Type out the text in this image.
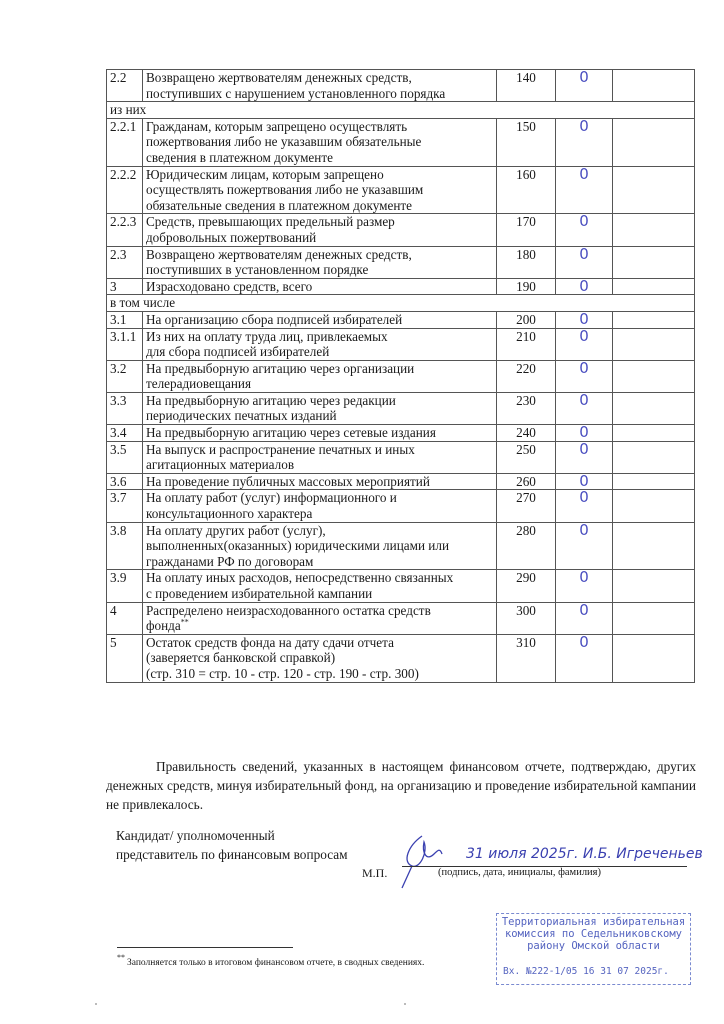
2.2	Возвращено жертвователям денежных средств,
поступивших с нарушением установленного порядка	140	0	
из них				
2.2.1	Гражданам, которым запрещено осуществлять
пожертвования либо не указавшим обязательные
сведения в платежном документе	150	0	
2.2.2	Юридическим лицам, которым запрещено
осуществлять пожертвования либо не указавшим
обязательные сведения в платежном документе	160	0	
2.2.3	Средств, превышающих предельный размер
добровольных пожертвований	170	0	
2.3	Возвращено жертвователям денежных средств,
поступивших в установленном порядке	180	0	
3	Израсходовано средств, всего	190	0	
в том числе				
3.1	На организацию сбора подписей избирателей	200	0	
3.1.1	Из них на оплату труда лиц, привлекаемых
для сбора подписей избирателей	210	0	
3.2	На предвыборную агитацию через организации
телерадиовещания	220	0	
3.3	На предвыборную агитацию через редакции
периодических печатных изданий	230	0	
3.4	На предвыборную агитацию через сетевые издания	240	0	
3.5	На выпуск и распространение печатных и иных
агитационных материалов	250	0	
3.6	На проведение публичных массовых мероприятий	260	0	
3.7	На оплату работ (услуг) информационного и
консультационного характера	270	0	
3.8	На оплату других работ (услуг),
выполненных(оказанных) юридическими лицами или
гражданами РФ по договорам	280	0	
3.9	На оплату иных расходов, непосредственно связанных
с проведением избирательной кампании	290	0	
4	Распределено неизрасходованного остатка средств
фонда**	300	0	
5	Остаток средств фонда на дату сдачи отчета
(заверяется банковской справкой)
(стр. 310 = стр. 10 - стр. 120 - стр. 190 - стр. 300)	310	0	
Правильность сведений, указанных в настоящем финансовом отчете, подтверждаю, других денежных средств, минуя избирательный фонд, на организацию и проведение избирательной кампании не привлекалось.
Кандидат/ уполномоченный
представитель по финансовым вопросам	31 июля 2025г. И.Б. Игреченьев
М.П.	(подпись, дата, инициалы, фамилия)
**
Заполняется только в итоговом финансовом отчете, в сводных сведениях.
Территориальная избирательная
комиссия по Седельниковскому
району Омской области
Вх. №222-1/05 16 31 07 2025г.
